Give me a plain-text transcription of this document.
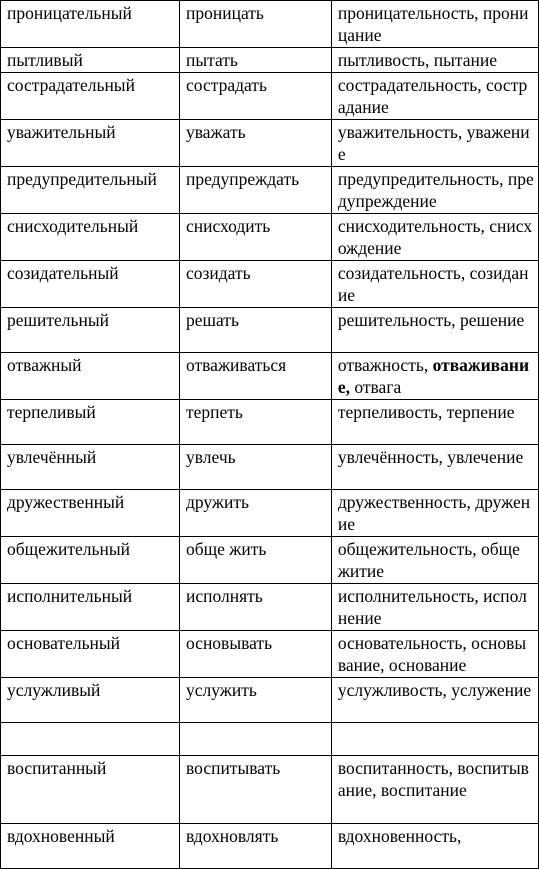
проницательный	проницать	проницательность, проницание
пытливый	пытать	пытливость, пытание
сострадательный	сострадать	сострадательность, сострадание
уважительный	уважать	уважительность, уважение
предупредительный	предупреждать	предупредительность, предупреждение
снисходительный	снисходить	снисходительность, снисхождение
созидательный	созидать	созидательность, созидание
решительный	решать	решительность, решение
отважный	отваживаться	отважность, отваживание, отвага
терпеливый	терпеть	терпеливость, терпение
увлечённый	увлечь	увлечённость, увлечение
дружественный	дружить	дружественность, дружение
общежительный	обще жить	общежительность, обще житие
исполнительный	исполнять	исполнительность, исполнение
основательный	основывать	основательность, основывание, основание
услужливый	услужить	услужливость, услужение

воспитанный	воспитывать	воспитанность, воспитывание, воспитание
вдохновенный	вдохновлять	вдохновенность,
